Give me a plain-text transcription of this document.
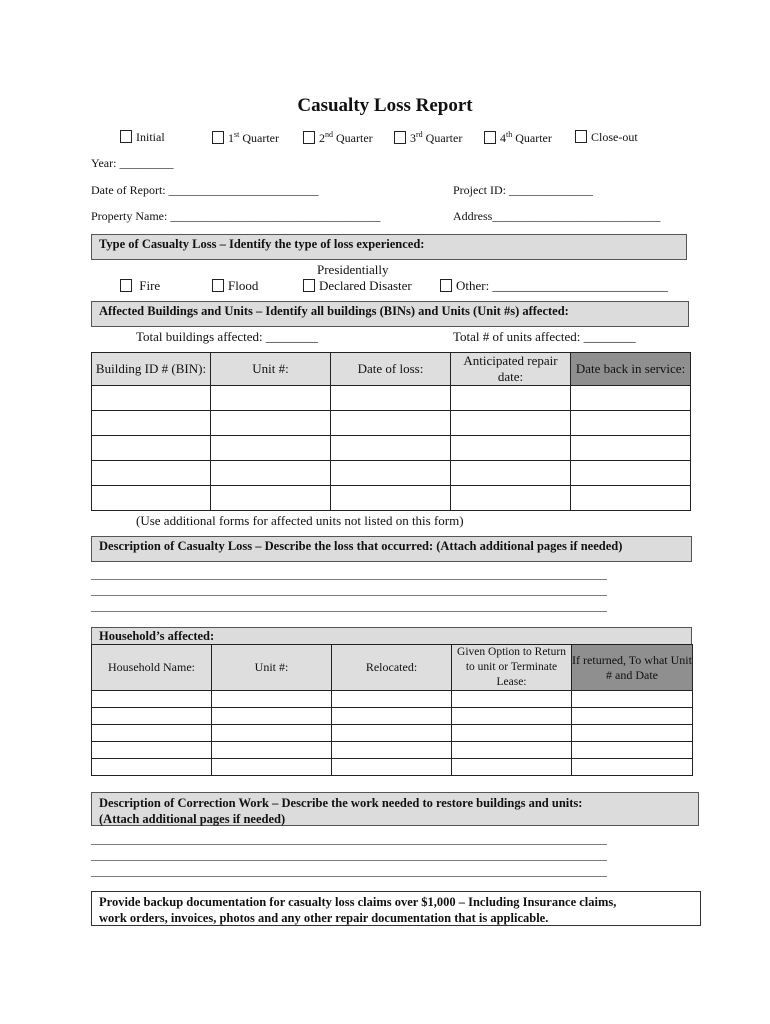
Casualty Loss Report
Initial	1st Quarter	2nd Quarter	3rd Quarter	4th Quarter	Close-out
Year: _________
Date of Report: _________________________	Project ID: ______________
Property Name: ___________________________________	Address____________________________
Type of Casualty Loss – Identify the type of loss experienced:
Presidentially
Fire	Flood	Declared Disaster	Other: ___________________________
Affected Buildings and Units – Identify all buildings (BINs) and Units (Unit #s) affected:
Total buildings affected: ________	Total # of units affected: ________
Building ID # (BIN):	Unit #:	Date of loss:	Anticipated repair date:	Date back in service:

(Use additional forms for affected units not listed on this form)
Description of Casualty Loss – Describe the loss that occurred: (Attach additional pages if needed)
______________________________________________________________________________________
______________________________________________________________________________________
______________________________________________________________________________________
Household’s affected:
Household Name:	Unit #:	Relocated:	Given Option to Return to unit or Terminate Lease:	If returned, To what Unit # and Date

Description of Correction Work – Describe the work needed to restore buildings and units:
(Attach additional pages if needed)
______________________________________________________________________________________
______________________________________________________________________________________
______________________________________________________________________________________
Provide backup documentation for casualty loss claims over $1,000 – Including Insurance claims,
work orders, invoices, photos and any other repair documentation that is applicable.
